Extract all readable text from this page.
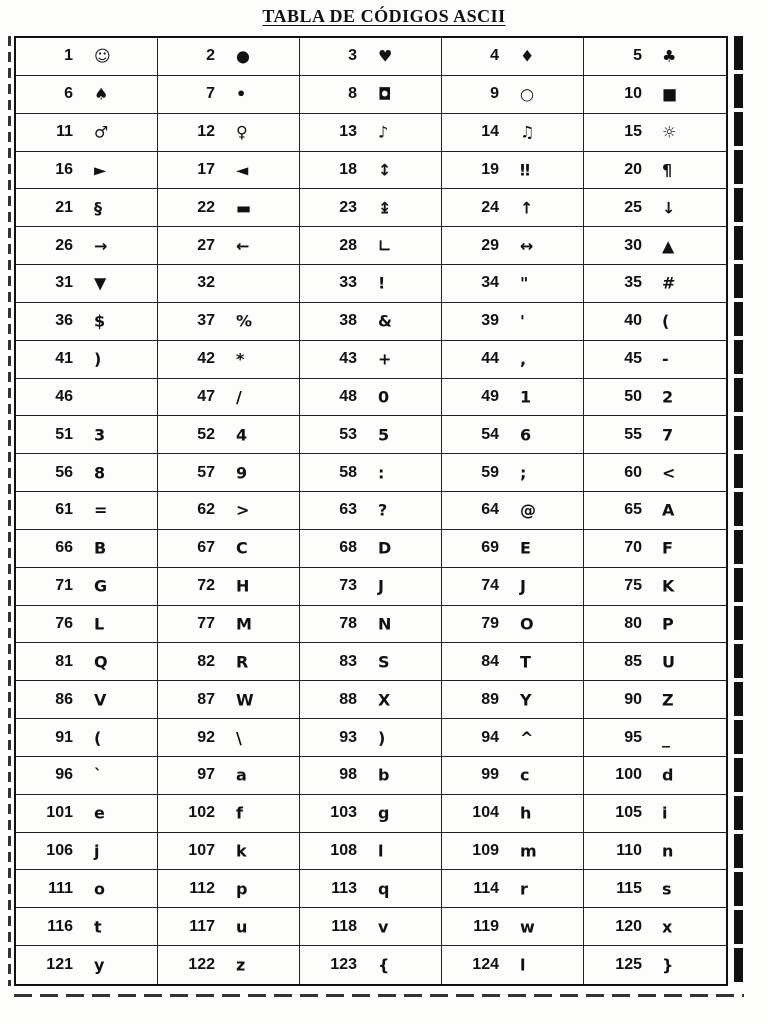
TABLA DE CÓDIGOS ASCII
1 ☺	2 ●	3 ♥	4 ♦	5 ♣
6 ♠	7 •	8 ◘	9 ○	10 ■
11 ♂	12 ♀	13 ♪	14 ♫	15 ☼
16 ►	17 ◄	18 ↕	19 ‼	20 ¶
21 §	22 ▬	23 ↨	24 ↑	25 ↓
26 →	27 ←	28 ∟	29 ↔	30 ▲
31 ▼	32	33 !	34 "	35 #
36 $	37 %	38 &	39 '	40 (
41 )	42 *	43 +	44 ,	45 -
46	47 /	48 0	49 1	50 2
51 3	52 4	53 5	54 6	55 7
56 8	57 9	58 :	59 ;	60 <
61 =	62 >	63 ?	64 @	65 A
66 B	67 C	68 D	69 E	70 F
71 G	72 H	73 J	74 J	75 K
76 L	77 M	78 N	79 O	80 P
81 Q	82 R	83 S	84 T	85 U
86 V	87 W	88 X	89 Y	90 Z
91 (	92 \	93 )	94 ^	95 _
96 `	97 a	98 b	99 c	100 d
101 e	102 f	103 g	104 h	105 i
106 j	107 k	108 l	109 m	110 n
111 o	112 p	113 q	114 r	115 s
116 t	117 u	118 v	119 w	120 x
121 y	122 z	123 {	124 l	125 }
